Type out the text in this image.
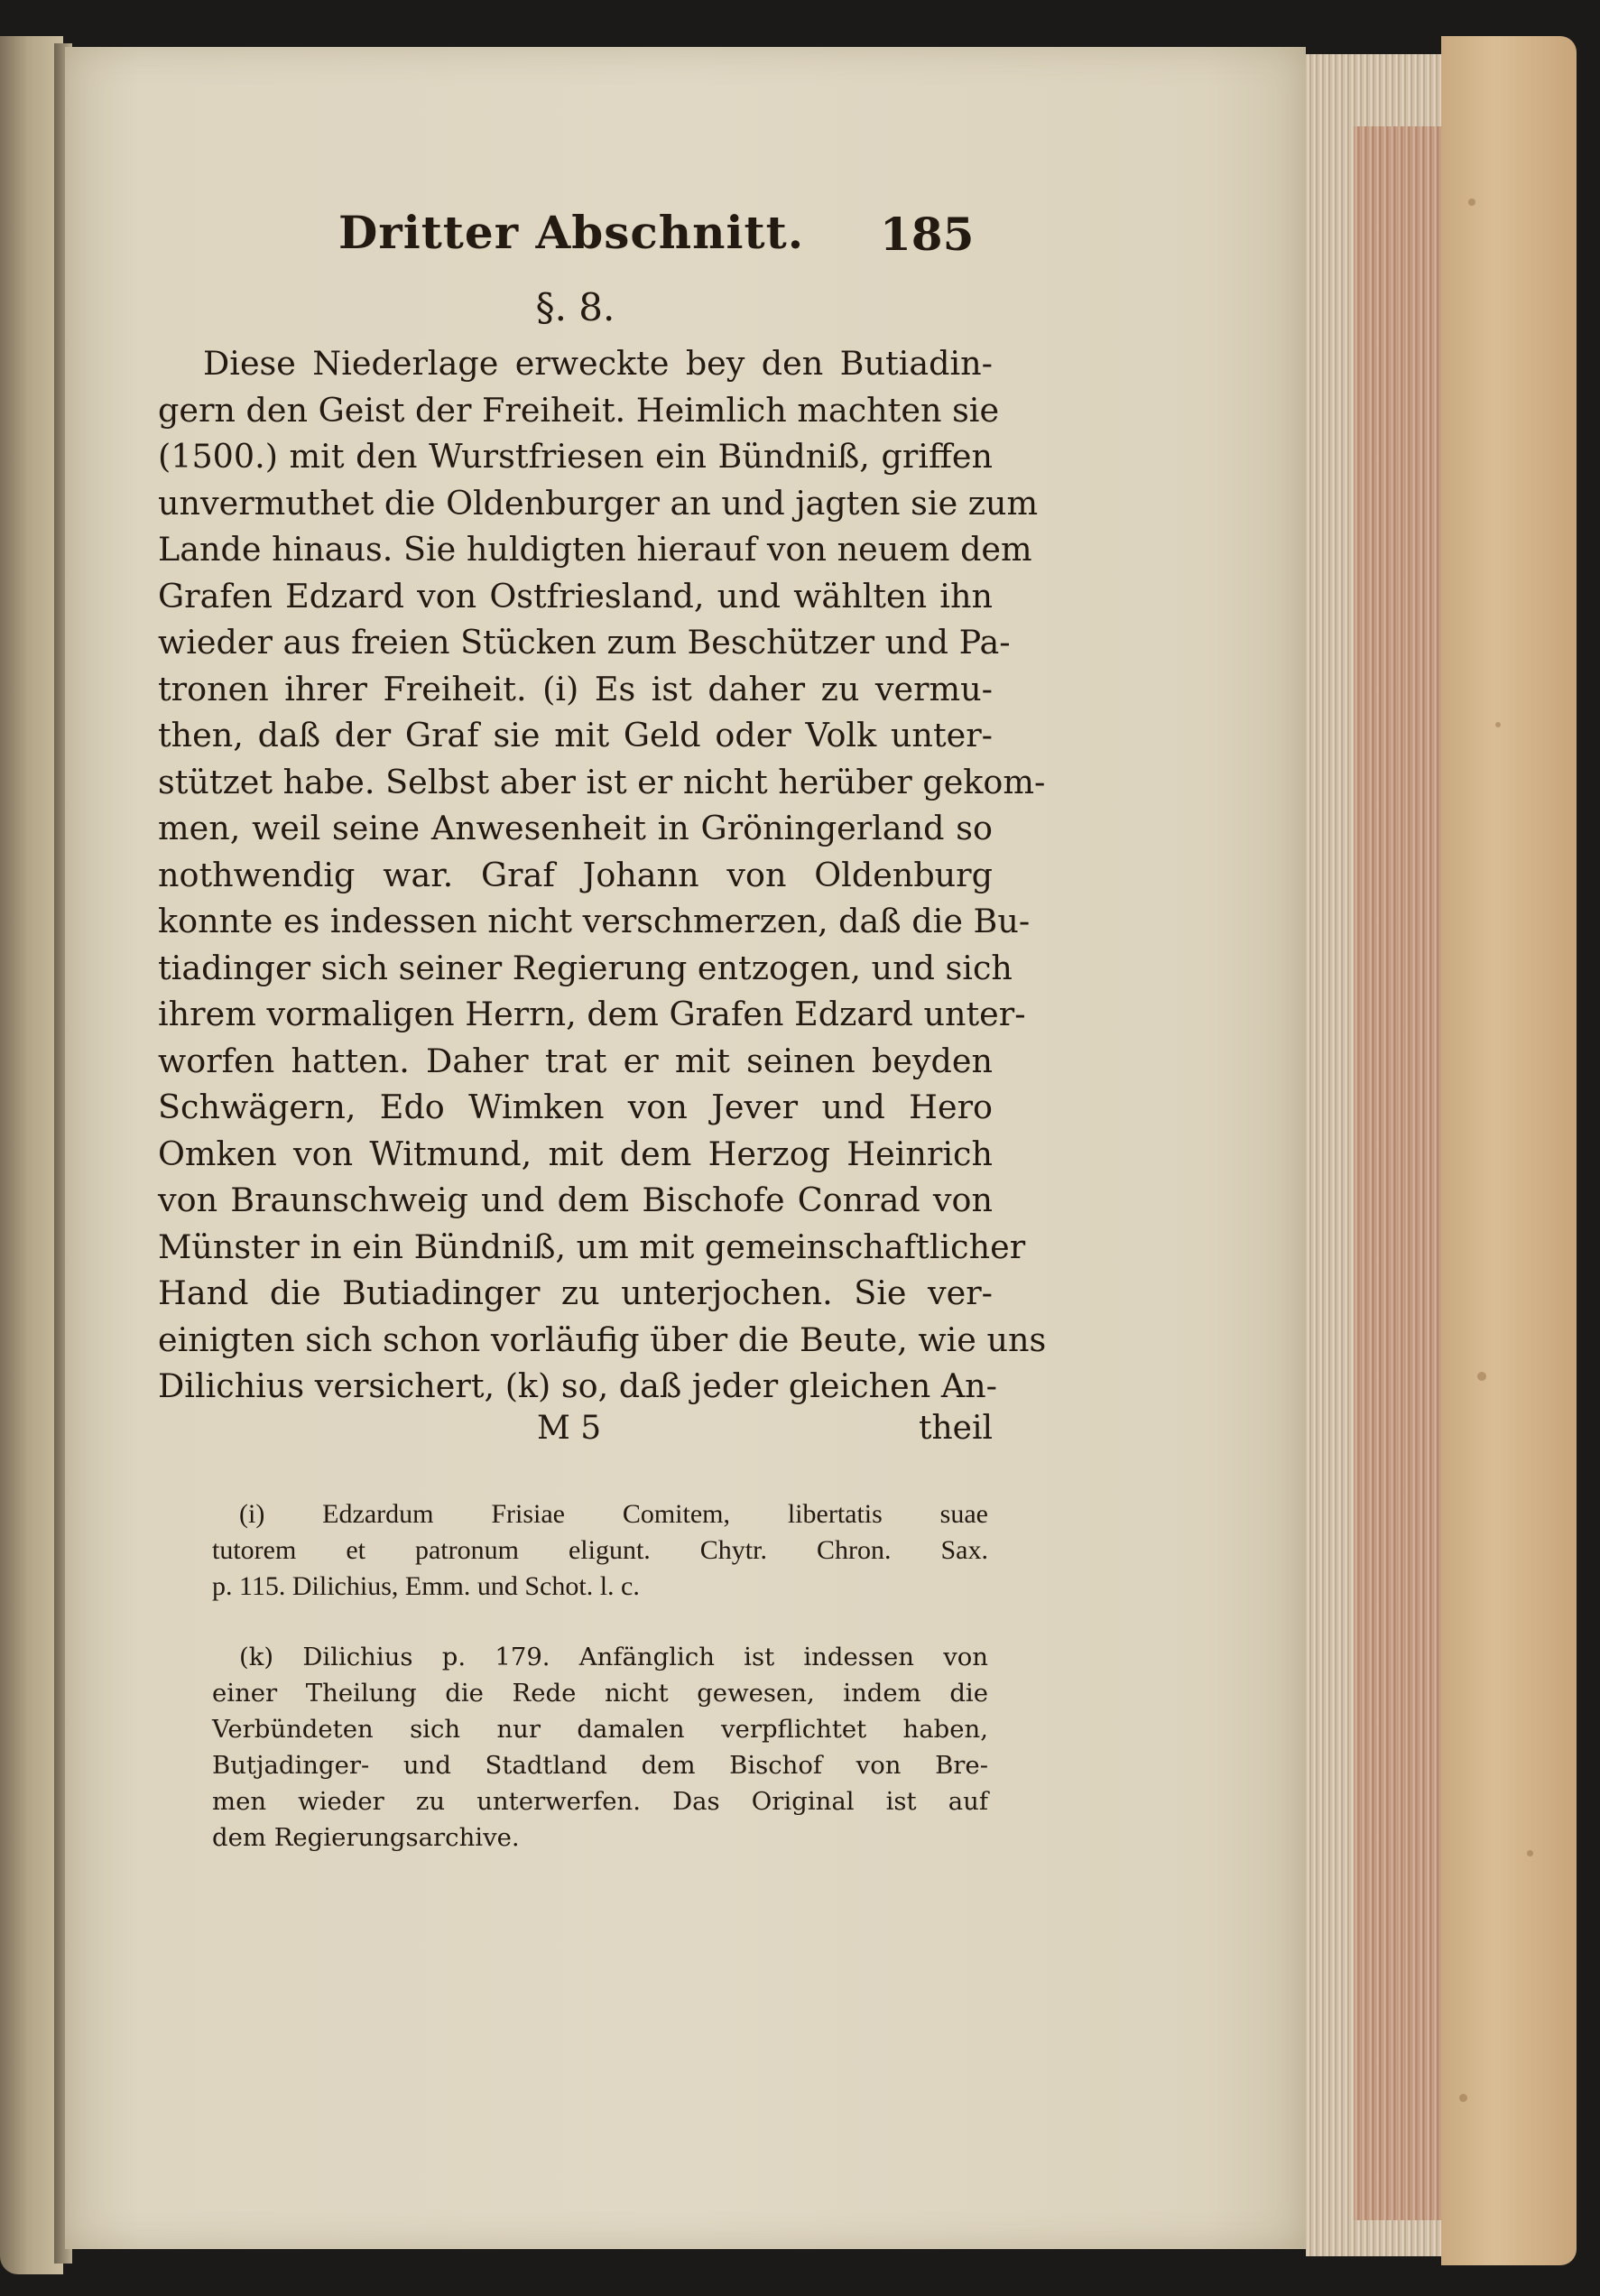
Dritter Abschnitt. 185
§. 8.

Diese Niederlage erweckte bey den Butiadin-

gern den Geist der Freiheit. Heimlich machten sie

(1500.) mit den Wurstfriesen ein Bündniß, griffen

unvermuthet die Oldenburger an und jagten sie zum

Lande hinaus. Sie huldigten hierauf von neuem dem

Grafen Edzard von Ostfriesland, und wählten ihn

wieder aus freien Stücken zum Beschützer und Pa-

tronen ihrer Freiheit. (i) Es ist daher zu vermu-

then, daß der Graf sie mit Geld oder Volk unter-

stützet habe. Selbst aber ist er nicht herüber gekom-

men, weil seine Anwesenheit in Gröningerland so

nothwendig war. Graf Johann von Oldenburg

konnte es indessen nicht verschmerzen, daß die Bu-

tiadinger sich seiner Regierung entzogen, und sich

ihrem vormaligen Herrn, dem Grafen Edzard unter-

worfen hatten. Daher trat er mit seinen beyden

Schwägern, Edo Wimken von Jever und Hero

Omken von Witmund, mit dem Herzog Heinrich

von Braunschweig und dem Bischofe Conrad von

Münster in ein Bündniß, um mit gemeinschaftlicher

Hand die Butiadinger zu unterjochen. Sie ver-

einigten sich schon vorläufig über die Beute, wie uns

Dilichius versichert, (k) so, daß jeder gleichen An-

M 5	theil

(i) Edzardum Frisiae Comitem, libertatis suae

tutorem et patronum eligunt. Chytr. Chron. Sax.

p. 115. Dilichius, Emm. und Schot. l. c.

(k) Dilichius p. 179. Anfänglich ist indessen von

einer Theilung die Rede nicht gewesen, indem die

Verbündeten sich nur damalen verpflichtet haben,

Butjadinger- und Stadtland dem Bischof von Bre-

men wieder zu unterwerfen. Das Original ist auf

dem Regierungsarchive.
